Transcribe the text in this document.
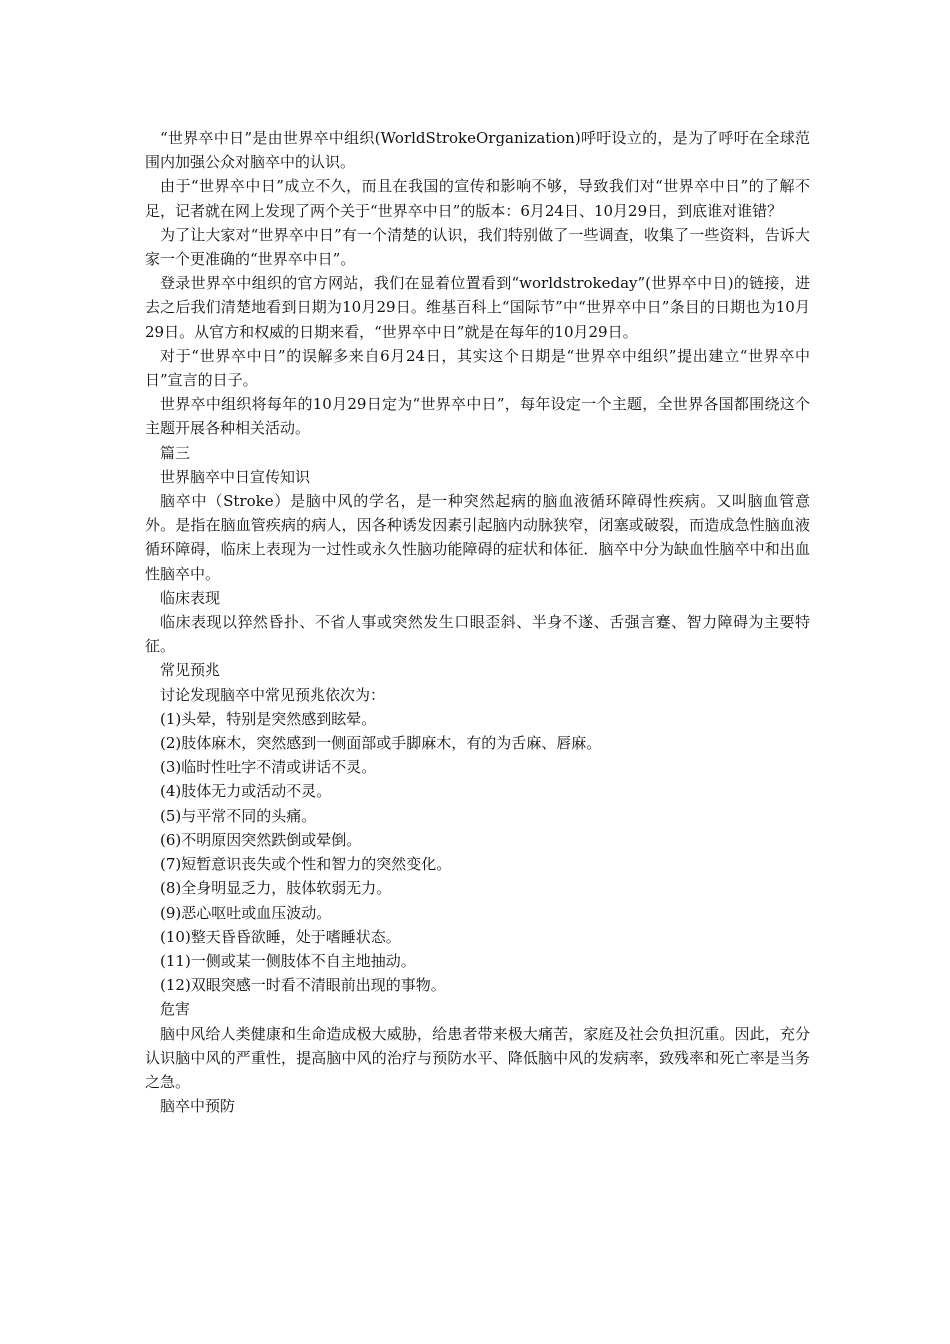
“世界卒中日”是由世界卒中组织(WorldStrokeOrganization)呼吁设立的，是为了呼吁在全球范围内加强公众对脑卒中的认识。

由于“世界卒中日”成立不久，而且在我国的宣传和影响不够，导致我们对“世界卒中日”的了解不足，记者就在网上发现了两个关于“世界卒中日”的版本：6月24日、10月29日，到底谁对谁错？

为了让大家对“世界卒中日”有一个清楚的认识，我们特别做了一些调查，收集了一些资料，告诉大家一个更准确的“世界卒中日”。

登录世界卒中组织的官方网站，我们在显着位置看到“worldstrokeday”(世界卒中日)的链接，进去之后我们清楚地看到日期为10月29日。维基百科上“国际节”中“世界卒中日”条目的日期也为10月29日。从官方和权威的日期来看，“世界卒中日”就是在每年的10月29日。

对于“世界卒中日”的误解多来自6月24日，其实这个日期是“世界卒中组织”提出建立“世界卒中日”宣言的日子。

世界卒中组织将每年的10月29日定为“世界卒中日”，每年设定一个主题，全世界各国都围绕这个主题开展各种相关活动。

篇三

世界脑卒中日宣传知识

脑卒中（Stroke）是脑中风的学名，是一种突然起病的脑血液循环障碍性疾病。又叫脑血管意外。是指在脑血管疾病的病人，因各种诱发因素引起脑内动脉狭窄，闭塞或破裂，而造成急性脑血液循环障碍，临床上表现为一过性或永久性脑功能障碍的症状和体征．脑卒中分为缺血性脑卒中和出血性脑卒中。

临床表现

临床表现以猝然昏扑、不省人事或突然发生口眼歪斜、半身不遂、舌强言蹇、智力障碍为主要特征。

常见预兆

讨论发现脑卒中常见预兆依次为：

(1)头晕，特别是突然感到眩晕。

(2)肢体麻木，突然感到一侧面部或手脚麻木，有的为舌麻、唇麻。

(3)临时性吐字不清或讲话不灵。

(4)肢体无力或活动不灵。

(5)与平常不同的头痛。

(6)不明原因突然跌倒或晕倒。

(7)短暂意识丧失或个性和智力的突然变化。

(8)全身明显乏力，肢体软弱无力。

(9)恶心呕吐或血压波动。

(10)整天昏昏欲睡，处于嗜睡状态。

(11)一侧或某一侧肢体不自主地抽动。

(12)双眼突感一时看不清眼前出现的事物。

危害

脑中风给人类健康和生命造成极大威胁，给患者带来极大痛苦，家庭及社会负担沉重。因此，充分认识脑中风的严重性，提高脑中风的治疗与预防水平、降低脑中风的发病率，致残率和死亡率是当务之急。

脑卒中预防
